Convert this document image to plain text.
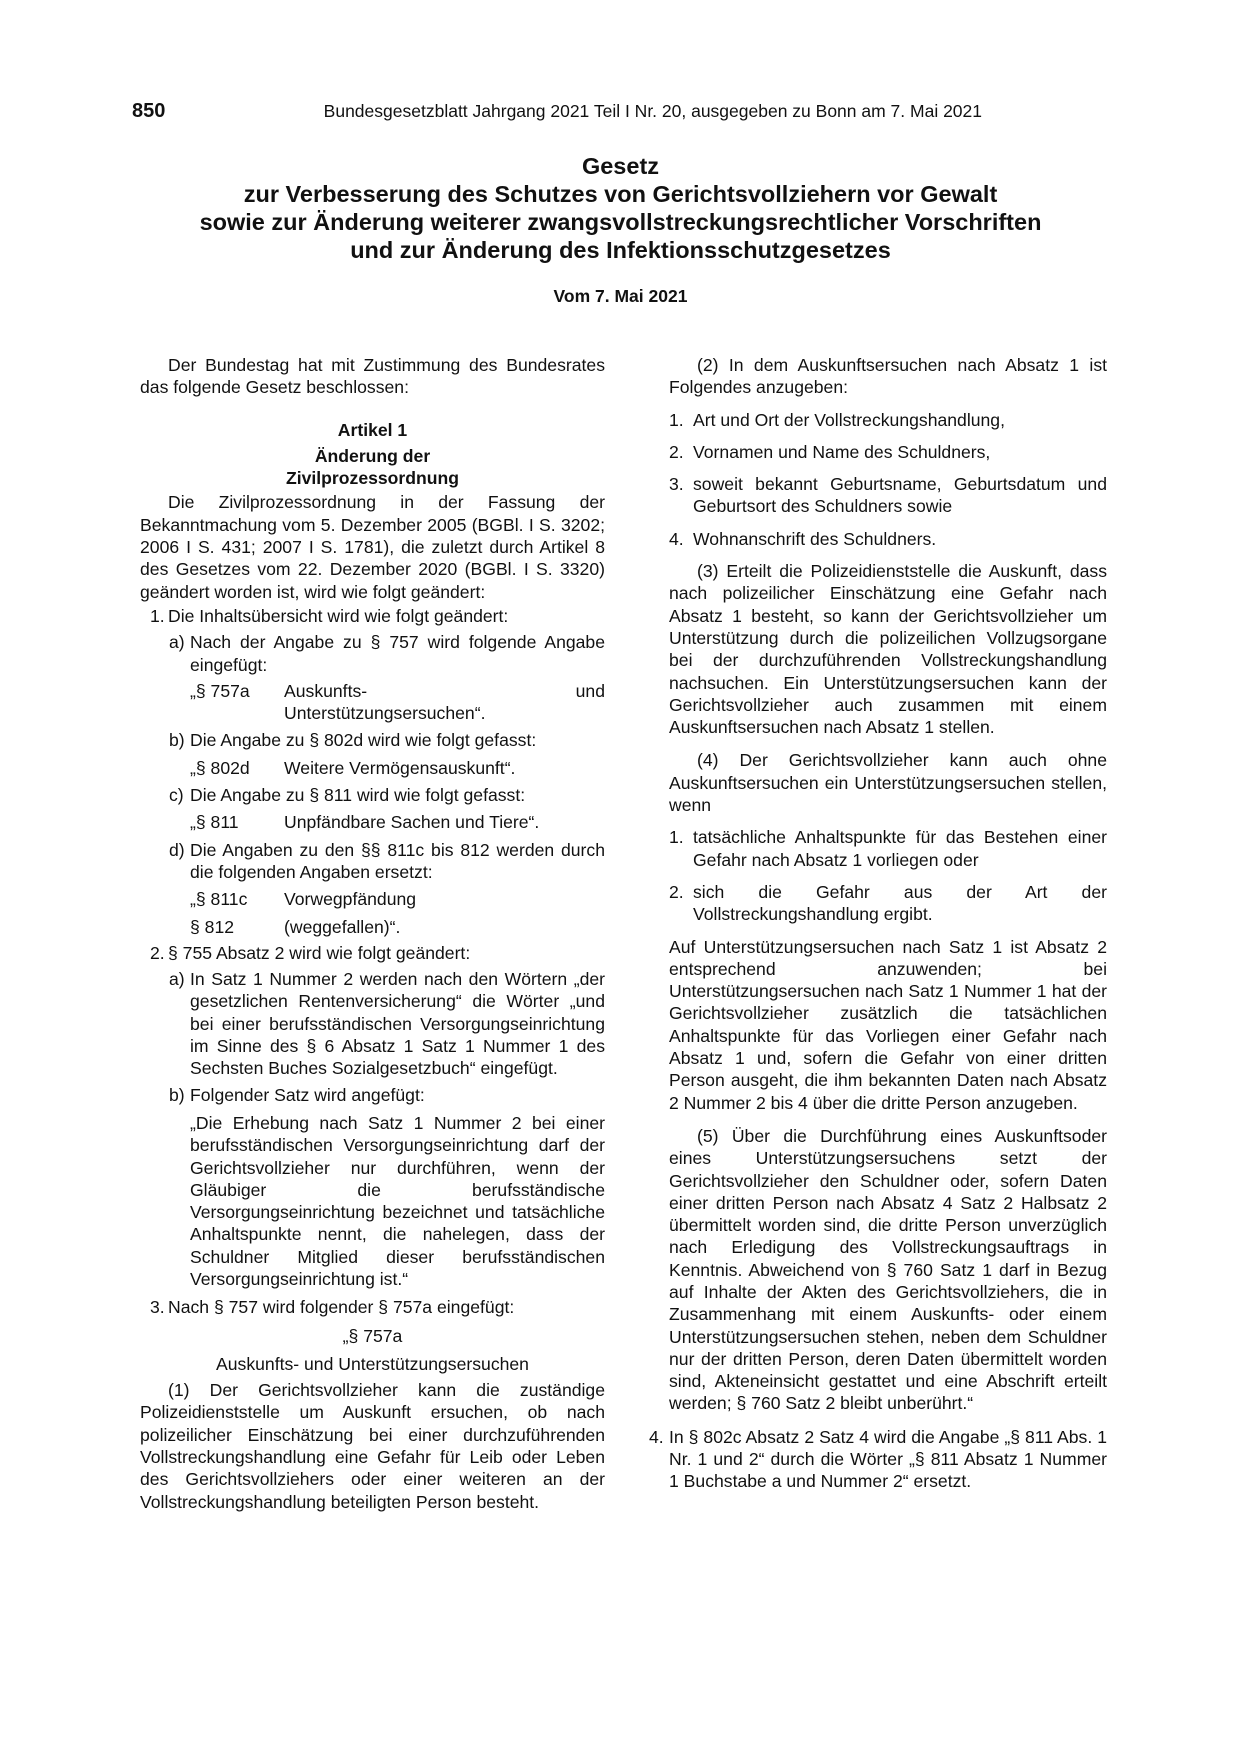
850	Bundesgesetzblatt Jahrgang 2021 Teil I Nr. 20, ausgegeben zu Bonn am 7. Mai 2021
Gesetz
zur Verbesserung des Schutzes von Gerichtsvollziehern vor Gewalt
sowie zur Änderung weiterer zwangsvollstreckungsrechtlicher Vorschriften
und zur Änderung des Infektionsschutzgesetzes
Vom 7. Mai 2021

Der Bundestag hat mit Zustimmung des Bundesrates das folgende Gesetz beschlossen:

Artikel 1

Änderung der

Zivilprozessordnung

Die Zivilprozessordnung in der Fassung der Bekanntmachung vom 5. Dezember 2005 (BGBl. I S. 3202; 2006 I S. 431; 2007 I S. 1781), die zuletzt durch Artikel 8 des Gesetzes vom 22. Dezember 2020 (BGBl. I S. 3320) geändert worden ist, wird wie folgt geändert:

1. Die Inhaltsübersicht wird wie folgt geändert:
a) Nach der Angabe zu § 757 wird folgende Angabe eingefügt:
„§ 757a	Auskunfts- und Unterstützungsersuchen“.
b) Die Angabe zu § 802d wird wie folgt gefasst:
„§ 802d	Weitere Vermögensauskunft“.
c) Die Angabe zu § 811 wird wie folgt gefasst:
„§ 811	Unpfändbare Sachen und Tiere“.
d) Die Angaben zu den §§ 811c bis 812 werden durch die folgenden Angaben ersetzt:
„§ 811c	Vorwegpfändung
§ 812	(weggefallen)“.
2. § 755 Absatz 2 wird wie folgt geändert:
a) In Satz 1 Nummer 2 werden nach den Wörtern „der gesetzlichen Rentenversicherung“ die Wörter „und bei einer berufsständischen Versorgungseinrichtung im Sinne des § 6 Absatz 1 Satz 1 Nummer 1 des Sechsten Buches Sozialgesetzbuch“ eingefügt.
b) Folgender Satz wird angefügt:

„Die Erhebung nach Satz 1 Nummer 2 bei einer berufsständischen Versorgungseinrichtung darf der Gerichtsvollzieher nur durchführen, wenn der Gläubiger die berufsständische Versorgungseinrichtung bezeichnet und tatsächliche Anhaltspunkte nennt, die nahelegen, dass der Schuldner Mitglied dieser berufsständischen Versorgungseinrichtung ist.“

3. Nach § 757 wird folgender § 757a eingefügt:

„§ 757a

Auskunfts- und Unterstützungsersuchen

(1) Der Gerichtsvollzieher kann die zuständige Polizeidienststelle um Auskunft ersuchen, ob nach polizeilicher Einschätzung bei einer durchzuführenden Vollstreckungshandlung eine Gefahr für Leib oder Leben des Gerichtsvollziehers oder einer weiteren an der Vollstreckungshandlung beteiligten Person besteht.

(2) In dem Auskunftsersuchen nach Absatz 1 ist Folgendes anzugeben:

1. Art und Ort der Vollstreckungshandlung,
2. Vornamen und Name des Schuldners,
3. soweit bekannt Geburtsname, Geburtsdatum und Geburtsort des Schuldners sowie
4. Wohnanschrift des Schuldners.

(3) Erteilt die Polizeidienststelle die Auskunft, dass nach polizeilicher Einschätzung eine Gefahr nach Absatz 1 besteht, so kann der Gerichtsvollzieher um Unterstützung durch die polizeilichen Vollzugsorgane bei der durchzuführenden Vollstreckungshandlung nachsuchen. Ein Unterstützungsersuchen kann der Gerichtsvollzieher auch zusammen mit einem Auskunftsersuchen nach Absatz 1 stellen.

(4) Der Gerichtsvollzieher kann auch ohne Auskunftsersuchen ein Unterstützungsersuchen stellen, wenn

1. tatsächliche Anhaltspunkte für das Bestehen einer Gefahr nach Absatz 1 vorliegen oder
2. sich die Gefahr aus der Art der Vollstreckungshandlung ergibt.

Auf Unterstützungsersuchen nach Satz 1 ist Absatz 2 entsprechend anzuwenden; bei Unterstützungsersuchen nach Satz 1 Nummer 1 hat der Gerichtsvollzieher zusätzlich die tatsächlichen Anhaltspunkte für das Vorliegen einer Gefahr nach Absatz 1 und, sofern die Gefahr von einer dritten Person ausgeht, die ihm bekannten Daten nach Absatz 2 Nummer 2 bis 4 über die dritte Person anzugeben.

(5) Über die Durchführung eines Auskunftsoder eines Unterstützungsersuchens setzt der Gerichtsvollzieher den Schuldner oder, sofern Daten einer dritten Person nach Absatz 4 Satz 2 Halbsatz 2 übermittelt worden sind, die dritte Person unverzüglich nach Erledigung des Vollstreckungsauftrags in Kenntnis. Abweichend von § 760 Satz 1 darf in Bezug auf Inhalte der Akten des Gerichtsvollziehers, die in Zusammenhang mit einem Auskunfts- oder einem Unterstützungsersuchen stehen, neben dem Schuldner nur der dritten Person, deren Daten übermittelt worden sind, Akteneinsicht gestattet und eine Abschrift erteilt werden; § 760 Satz 2 bleibt unberührt.“

4. In § 802c Absatz 2 Satz 4 wird die Angabe „§ 811 Abs. 1 Nr. 1 und 2“ durch die Wörter „§ 811 Absatz 1 Nummer 1 Buchstabe a und Nummer 2“ ersetzt.
